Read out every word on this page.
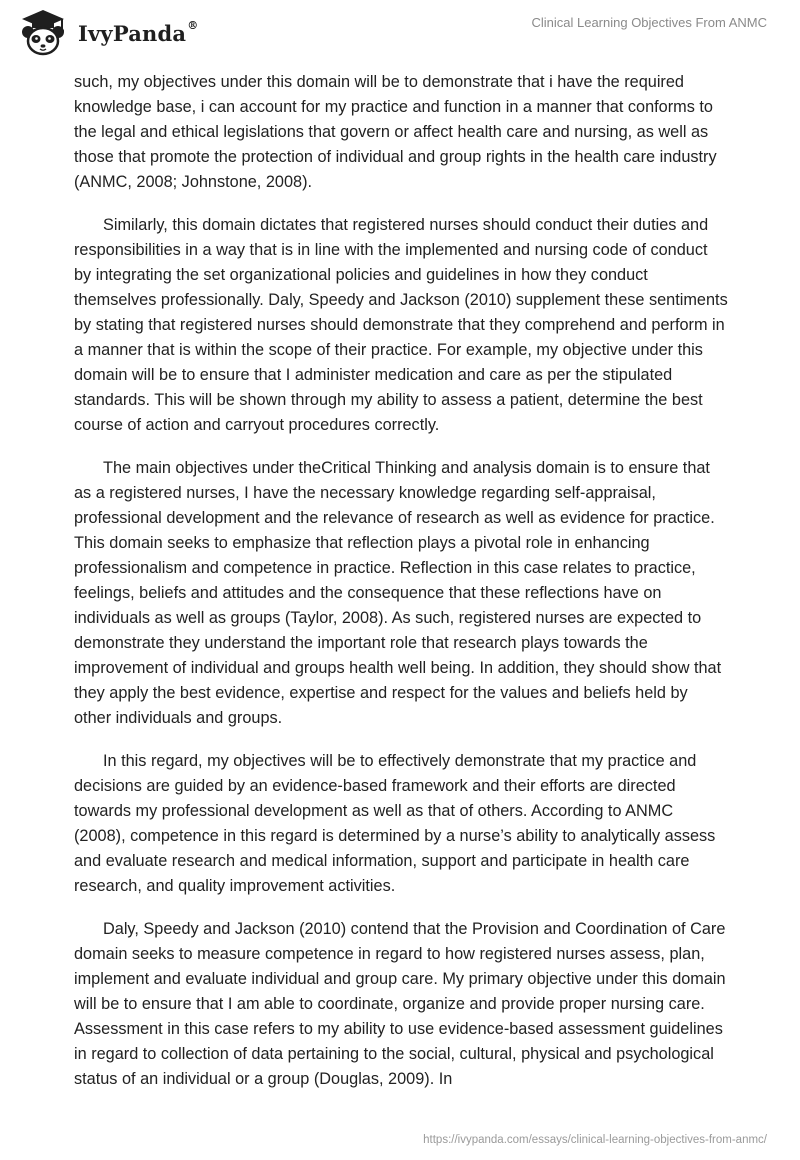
IvyPanda®	Clinical Learning Objectives From ANMC

such, my objectives under this domain will be to demonstrate that i have the required knowledge base, i can account for my practice and function in a manner that conforms to the legal and ethical legislations that govern or affect health care and nursing, as well as those that promote the protection of individual and group rights in the health care industry (ANMC, 2008; Johnstone, 2008).

Similarly, this domain dictates that registered nurses should conduct their duties and responsibilities in a way that is in line with the implemented and nursing code of conduct by integrating the set organizational policies and guidelines in how they conduct themselves professionally. Daly, Speedy and Jackson (2010) supplement these sentiments by stating that registered nurses should demonstrate that they comprehend and perform in a manner that is within the scope of their practice. For example, my objective under this domain will be to ensure that I administer medication and care as per the stipulated standards. This will be shown through my ability to assess a patient, determine the best course of action and carryout procedures correctly.

The main objectives under theCritical Thinking and analysis domain is to ensure that as a registered nurses, I have the necessary knowledge regarding self-appraisal, professional development and the relevance of research as well as evidence for practice. This domain seeks to emphasize that reflection plays a pivotal role in enhancing professionalism and competence in practice. Reflection in this case relates to practice, feelings, beliefs and attitudes and the consequence that these reflections have on individuals as well as groups (Taylor, 2008). As such, registered nurses are expected to demonstrate they understand the important role that research plays towards the improvement of individual and groups health well being. In addition, they should show that they apply the best evidence, expertise and respect for the values and beliefs held by other individuals and groups.

In this regard, my objectives will be to effectively demonstrate that my practice and decisions are guided by an evidence-based framework and their efforts are directed towards my professional development as well as that of others. According to ANMC (2008), competence in this regard is determined by a nurse’s ability to analytically assess and evaluate research and medical information, support and participate in health care research, and quality improvement activities.

Daly, Speedy and Jackson (2010) contend that the Provision and Coordination of Care domain seeks to measure competence in regard to how registered nurses assess, plan, implement and evaluate individual and group care. My primary objective under this domain will be to ensure that I am able to coordinate, organize and provide proper nursing care. Assessment in this case refers to my ability to use evidence-based assessment guidelines in regard to collection of data pertaining to the social, cultural, physical and psychological status of an individual or a group (Douglas, 2009). In

https://ivypanda.com/essays/clinical-learning-objectives-from-anmc/
